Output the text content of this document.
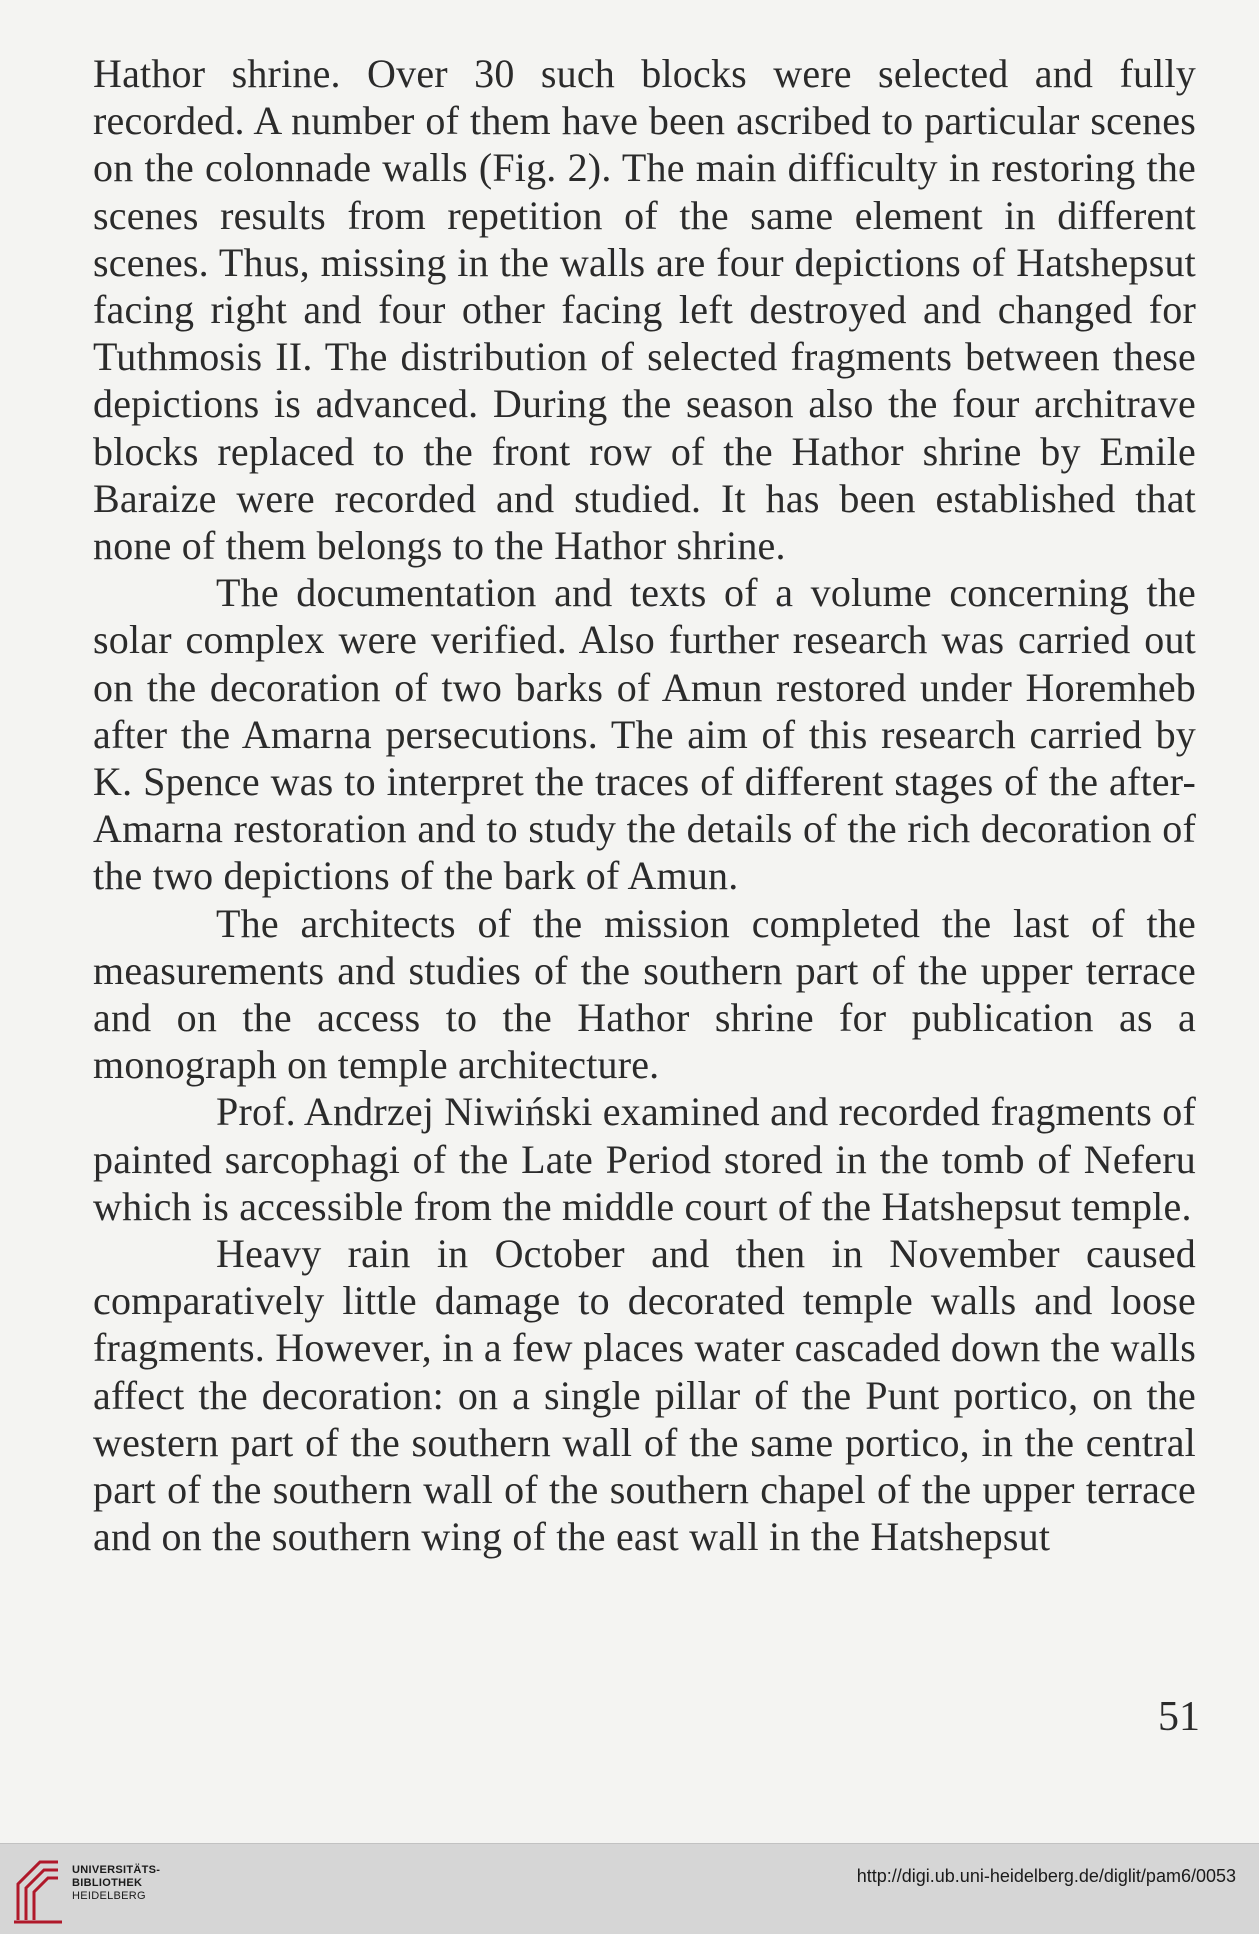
Hathor shrine. Over 30 such blocks were selected and fully recorded. A number of them have been ascribed to particular scenes on the colonnade walls (Fig. 2). The main difficulty in restoring the scenes results from repetition of the same element in different scenes. Thus, missing in the walls are four depictions of Hatshepsut facing right and four other facing left destroyed and changed for Tuthmosis II. The distribution of selected fragments between these depictions is advanced. During the season also the four architrave blocks replaced to the front row of the Hathor shrine by Emile Baraize were recorded and studied. It has been established that none of them belongs to the Hathor shrine.

The documentation and texts of a volume concerning the solar complex were verified. Also further research was carried out on the decoration of two barks of Amun restored under Horemheb after the Amarna persecutions. The aim of this research carried by K. Spence was to interpret the traces of different stages of the after-Amarna restoration and to study the details of the rich decoration of the two depictions of the bark of Amun.

The architects of the mission completed the last of the measurements and studies of the southern part of the upper terrace and on the access to the Hathor shrine for publication as a monograph on temple architecture.

Prof. Andrzej Niwiński examined and recorded fragments of painted sarcophagi of the Late Period stored in the tomb of Neferu which is accessible from the middle court of the Hatshepsut temple.

Heavy rain in October and then in November caused comparatively little damage to decorated temple walls and loose fragments. However, in a few places water cascaded down the walls affect the decoration: on a single pillar of the Punt portico, on the western part of the southern wall of the same portico, in the central part of the southern wall of the southern chapel of the upper terrace and on the southern wing of the east wall in the Hatshepsut

51
UNIVERSITÄTS-
BIBLIOTHEK
HEIDELBERG
http://digi.ub.uni-heidelberg.de/diglit/pam6/0053
